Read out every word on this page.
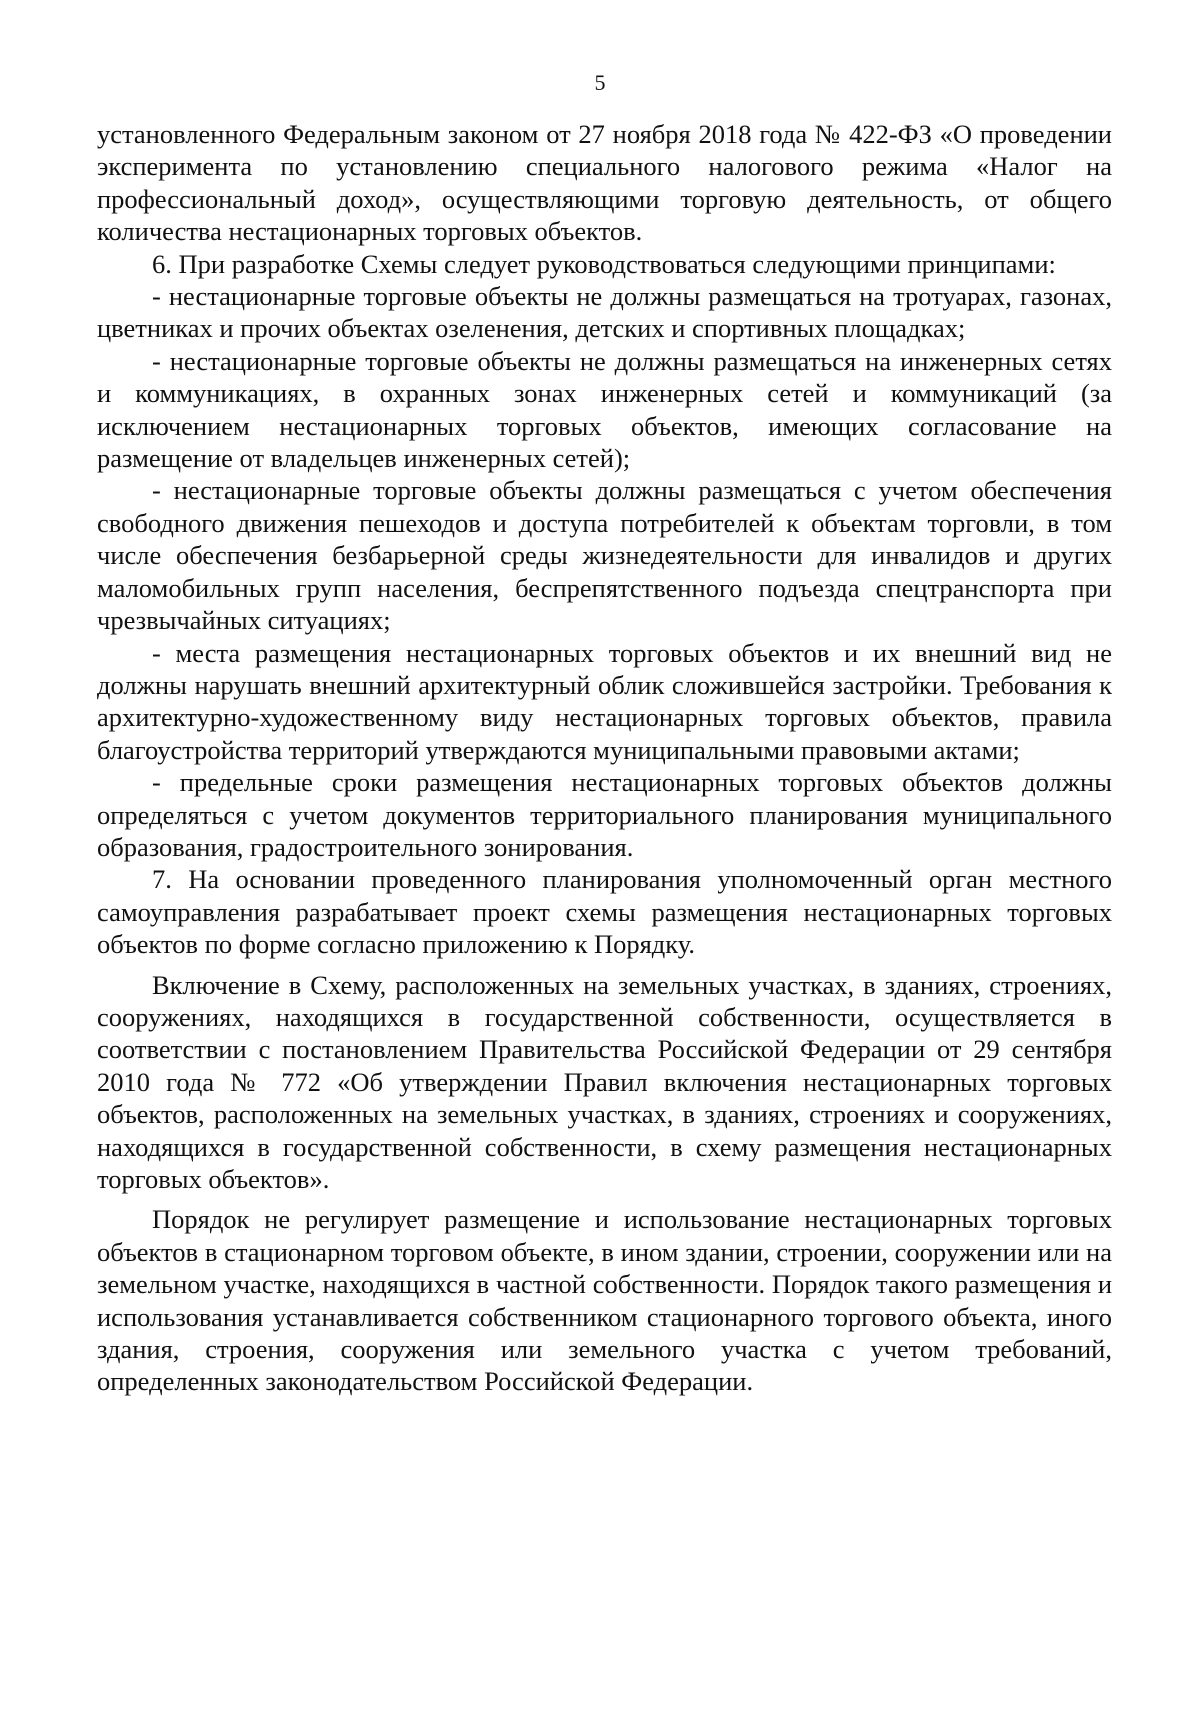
5

установленного Федеральным законом от 27 ноября 2018 года № 422-ФЗ «О проведении эксперимента по установлению специального налогового режима «Налог на профессиональный доход», осуществляющими торговую деятельность, от общего количества нестационарных торговых объектов.

6. При разработке Схемы следует руководствоваться следующими принципами:

- нестационарные торговые объекты не должны размещаться на тротуарах, газонах, цветниках и прочих объектах озеленения, детских и спортивных площадках;

- нестационарные торговые объекты не должны размещаться на инженерных сетях и коммуникациях, в охранных зонах инженерных сетей и коммуникаций (за исключением нестационарных торговых объектов, имеющих согласование на размещение от владельцев инженерных сетей);

- нестационарные торговые объекты должны размещаться с учетом обеспечения свободного движения пешеходов и доступа потребителей к объектам торговли, в том числе обеспечения безбарьерной среды жизнедеятельности для инвалидов и других маломобильных групп населения, беспрепятственного подъезда спецтранспорта при чрезвычайных ситуациях;

- места размещения нестационарных торговых объектов и их внешний вид не должны нарушать внешний архитектурный облик сложившейся застройки. Требования к архитектурно-художественному виду нестационарных торговых объектов, правила благоустройства территорий утверждаются муниципальными правовыми актами;

- предельные сроки размещения нестационарных торговых объектов должны определяться с учетом документов территориального планирования муниципального образования, градостроительного зонирования.

7. На основании проведенного планирования уполномоченный орган местного самоуправления разрабатывает проект схемы размещения нестационарных торговых объектов по форме согласно приложению к Порядку.

Включение в Схему, расположенных на земельных участках, в зданиях, строениях, сооружениях, находящихся в государственной собственности, осуществляется в соответствии с постановлением Правительства Российской Федерации от 29 сентября 2010 года № 772 «Об утверждении Правил включения нестационарных торговых объектов, расположенных на земельных участках, в зданиях, строениях и сооружениях, находящихся в государственной собственности, в схему размещения нестационарных торговых объектов».

Порядок не регулирует размещение и использование нестационарных торговых объектов в стационарном торговом объекте, в ином здании, строении, сооружении или на земельном участке, находящихся в частной собственности. Порядок такого размещения и использования устанавливается собственником стационарного торгового объекта, иного здания, строения, сооружения или земельного участка с учетом требований, определенных законодательством Российской Федерации.
